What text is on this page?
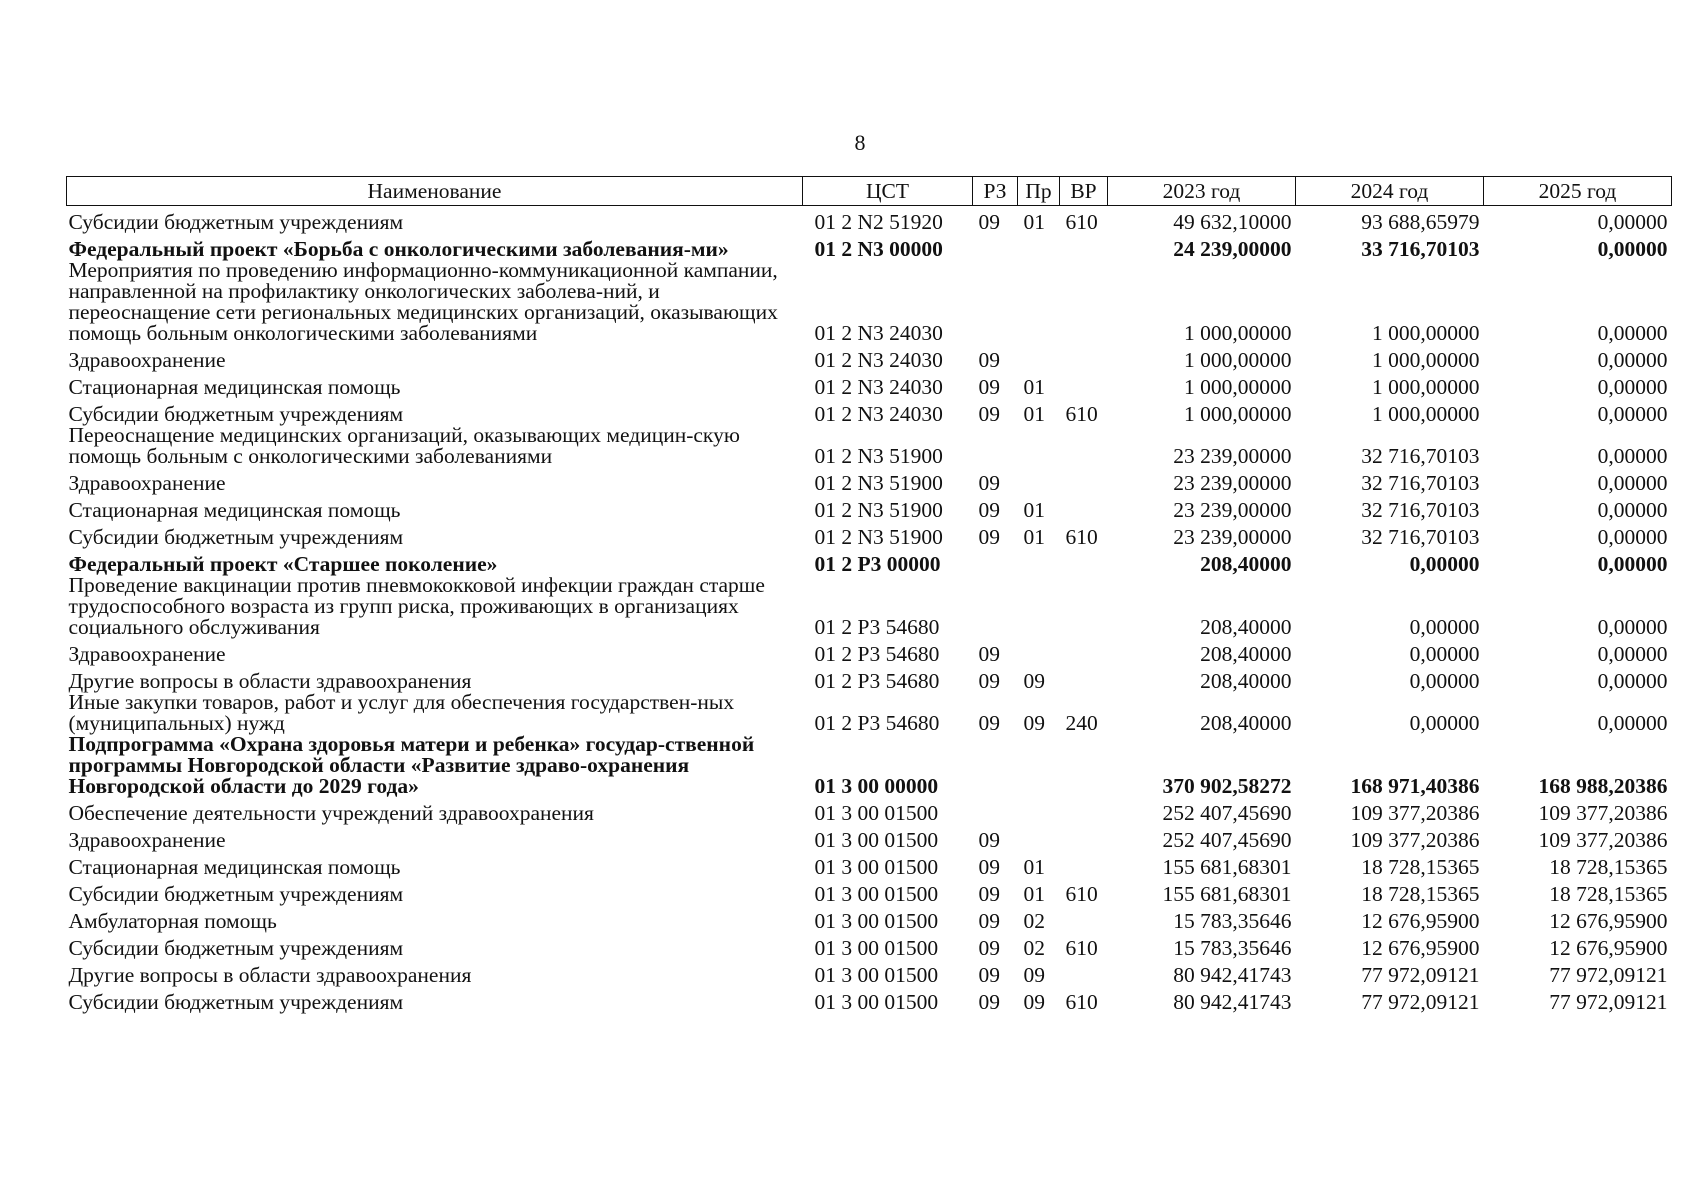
8
Наименование	ЦСТ	РЗ	Пр	ВР	2023 год	2024 год	2025 год
Субсидии бюджетным учреждениям	01 2 N2 51920	09	01	610	49 632,10000	93 688,65979	0,00000
Федеральный проект «Борьба с онкологическими заболевания-ми»	01 2 N3 00000				24 239,00000	33 716,70103	0,00000
Мероприятия по проведению информационно-коммуникационной кампании, направленной на профилактику онкологических заболева-ний, и переоснащение сети региональных медицинских организаций, оказывающих помощь больным онкологическими заболеваниями	01 2 N3 24030				1 000,00000	1 000,00000	0,00000
Здравоохранение	01 2 N3 24030	09			1 000,00000	1 000,00000	0,00000
Стационарная медицинская помощь	01 2 N3 24030	09	01		1 000,00000	1 000,00000	0,00000
Субсидии бюджетным учреждениям	01 2 N3 24030	09	01	610	1 000,00000	1 000,00000	0,00000
Переоснащение медицинских организаций, оказывающих медицин-скую помощь больным с онкологическими заболеваниями	01 2 N3 51900				23 239,00000	32 716,70103	0,00000
Здравоохранение	01 2 N3 51900	09			23 239,00000	32 716,70103	0,00000
Стационарная медицинская помощь	01 2 N3 51900	09	01		23 239,00000	32 716,70103	0,00000
Субсидии бюджетным учреждениям	01 2 N3 51900	09	01	610	23 239,00000	32 716,70103	0,00000
Федеральный проект «Старшее поколение»	01 2 P3 00000				208,40000	0,00000	0,00000
Проведение вакцинации против пневмококковой инфекции граждан старше трудоспособного возраста из групп риска, проживающих в организациях социального обслуживания	01 2 P3 54680				208,40000	0,00000	0,00000
Здравоохранение	01 2 P3 54680	09			208,40000	0,00000	0,00000
Другие вопросы в области здравоохранения	01 2 P3 54680	09	09		208,40000	0,00000	0,00000
Иные закупки товаров, работ и услуг для обеспечения государствен-ных (муниципальных) нужд	01 2 P3 54680	09	09	240	208,40000	0,00000	0,00000
Подпрограмма «Охрана здоровья матери и ребенка» государ-ственной программы Новгородской области «Развитие здраво-охранения Новгородской области до 2029 года»	01 3 00 00000				370 902,58272	168 971,40386	168 988,20386
Обеспечение деятельности учреждений здравоохранения	01 3 00 01500				252 407,45690	109 377,20386	109 377,20386
Здравоохранение	01 3 00 01500	09			252 407,45690	109 377,20386	109 377,20386
Стационарная медицинская помощь	01 3 00 01500	09	01		155 681,68301	18 728,15365	18 728,15365
Субсидии бюджетным учреждениям	01 3 00 01500	09	01	610	155 681,68301	18 728,15365	18 728,15365
Амбулаторная помощь	01 3 00 01500	09	02		15 783,35646	12 676,95900	12 676,95900
Субсидии бюджетным учреждениям	01 3 00 01500	09	02	610	15 783,35646	12 676,95900	12 676,95900
Другие вопросы в области здравоохранения	01 3 00 01500	09	09		80 942,41743	77 972,09121	77 972,09121
Субсидии бюджетным учреждениям	01 3 00 01500	09	09	610	80 942,41743	77 972,09121	77 972,09121
